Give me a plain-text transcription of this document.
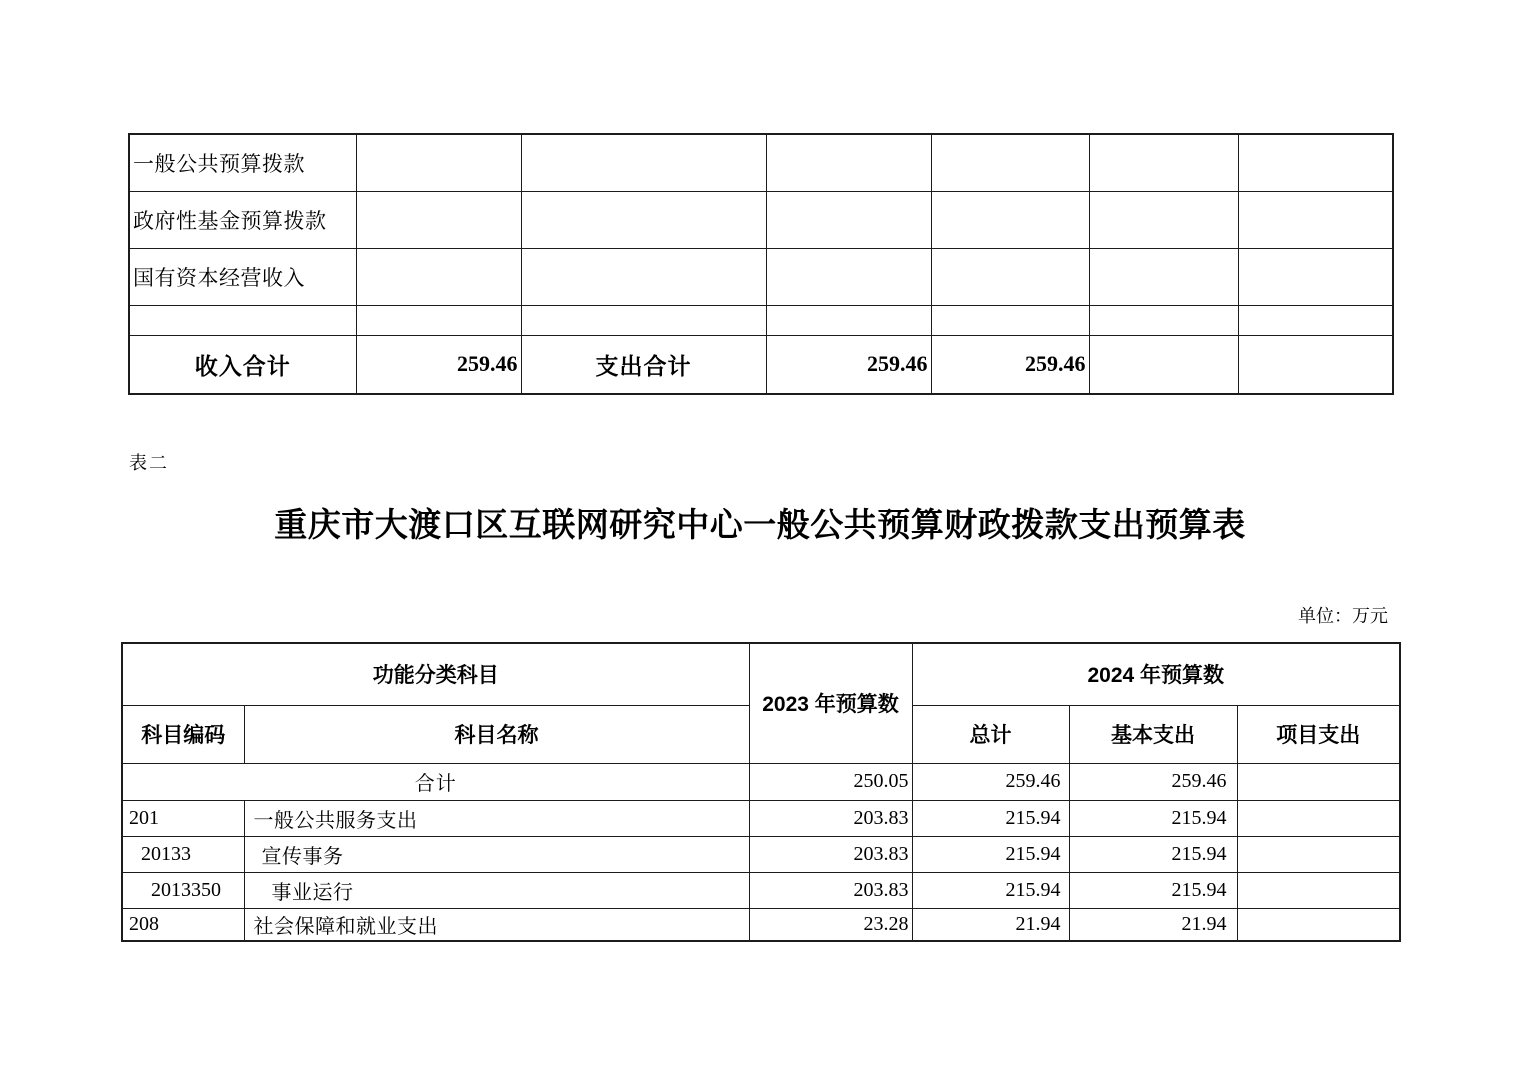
一般公共预算拨款						
政府性基金预算拨款						
国有资本经营收入						

收入合计	259.46	支出合计	259.46	259.46		
表二
重庆市大渡口区互联网研究中心一般公共预算财政拨款支出预算表
单位：万元
功能分类科目		2023 年预算数	2024 年预算数		
科目编码	科目名称		总计	基本支出	项目支出
合计		250.05	259.46	259.46	
201	一般公共服务支出	203.83	215.94	215.94	
20133	宣传事务	203.83	215.94	215.94	
2013350	事业运行	203.83	215.94	215.94	
208	社会保障和就业支出	23.28	21.94	21.94	
